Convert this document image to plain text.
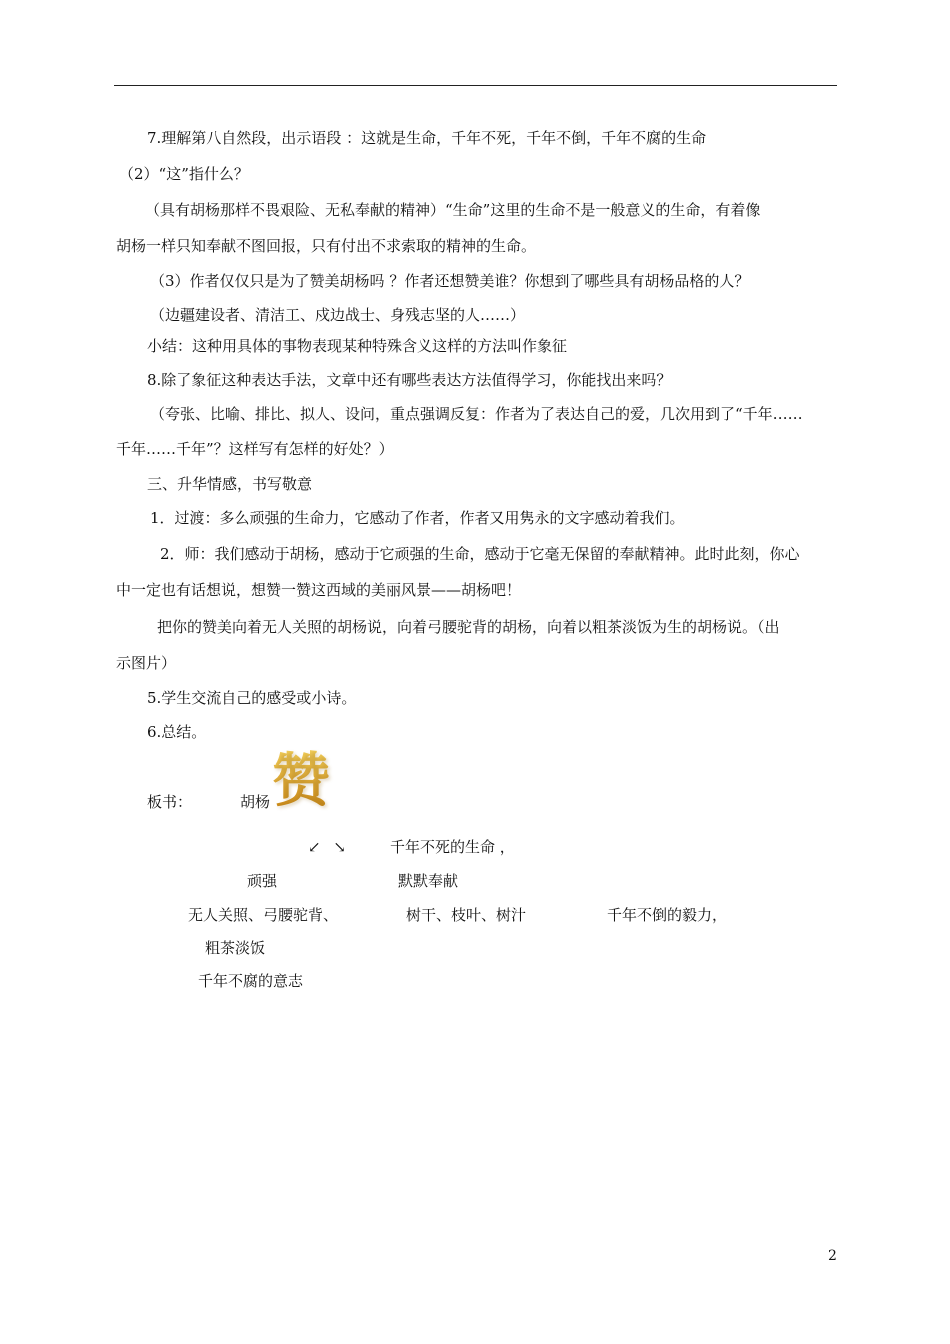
7.理解第八自然段，出示语段 ：这就是生命，千年不死，千年不倒，千年不腐的生命
（2）“这”指什么？
（具有胡杨那样不畏艰险、无私奉献的精神）“生命”这里的生命不是一般意义的生命，有着像
胡杨一样只知奉献不图回报，只有付出不求索取的精神的生命。
（3）作者仅仅只是为了赞美胡杨吗 ？作者还想赞美谁？你想到了哪些具有胡杨品格的人？
（边疆建设者、清洁工、戍边战士、身残志坚的人……）
小结：这种用具体的事物表现某种特殊含义这样的方法叫作象征
8.除了象征这种表达手法，文章中还有哪些表达方法值得学习，你能找出来吗？
（夸张、比喻、排比、拟人、设问，重点强调反复：作者为了表达自己的爱，几次用到了“千年……
千年……千年”？这样写有怎样的好处？）
三、升华情感，书写敬意
1．过渡：多么顽强的生命力，它感动了作者，作者又用隽永的文字感动着我们。
2．师：我们感动于胡杨，感动于它顽强的生命，感动于它毫无保留的奉献精神。此时此刻，你心
中一定也有话想说，想赞一赞这西域的美丽风景——胡杨吧！
把你的赞美向着无人关照的胡杨说，向着弓腰驼背的胡杨，向着以粗茶淡饭为生的胡杨说。（出
示图片）
5.学生交流自己的感受或小诗。
6.总结。
板书：	胡杨 赞
↙ ↘	千年不死的生命 ，
顽强	默默奉献
无人关照、弓腰驼背、	树干、枝叶、树汁	千年不倒的毅力，
粗茶淡饭
千年不腐的意志
2
